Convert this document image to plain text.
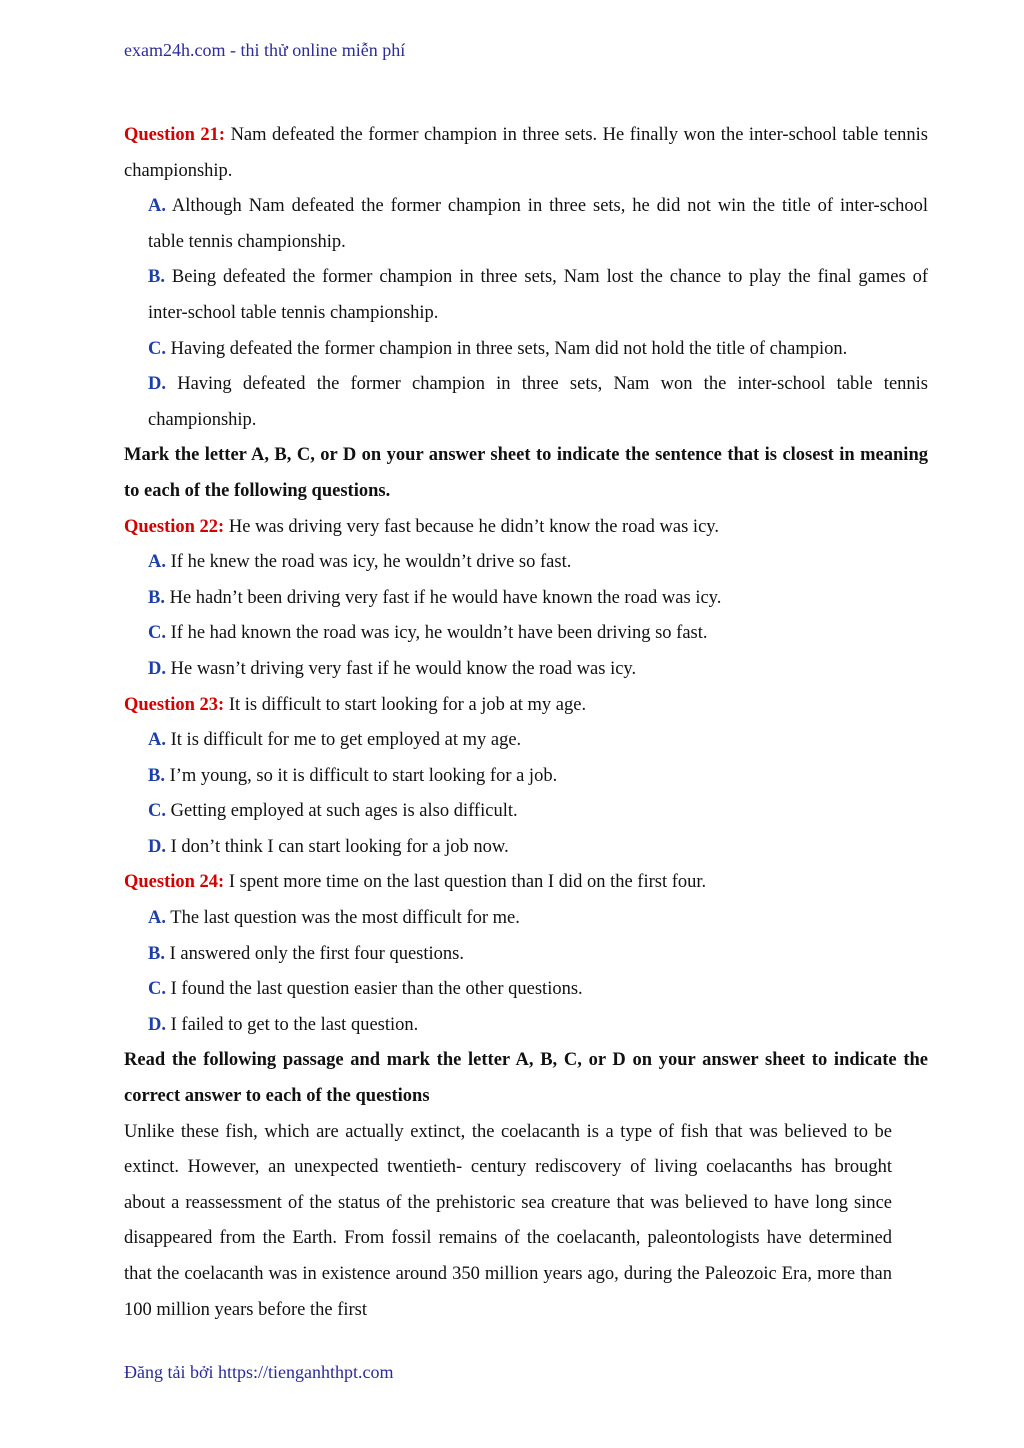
exam24h.com - thi thử online miễn phí

Question 21: Nam defeated the former champion in three sets. He finally won the inter-school table tennis championship.

A. Although Nam defeated the former champion in three sets, he did not win the title of inter-school table tennis championship.

B. Being defeated the former champion in three sets, Nam lost the chance to play the final games of inter-school table tennis championship.

C. Having defeated the former champion in three sets, Nam did not hold the title of champion.

D. Having defeated the former champion in three sets, Nam won the inter-school table tennis championship.

Mark the letter A, B, C, or D on your answer sheet to indicate the sentence that is closest in meaning to each of the following questions.

Question 22: He was driving very fast because he didn’t know the road was icy.

A. If he knew the road was icy, he wouldn’t drive so fast.

B. He hadn’t been driving very fast if he would have known the road was icy.

C. If he had known the road was icy, he wouldn’t have been driving so fast.

D. He wasn’t driving very fast if he would know the road was icy.

Question 23: It is difficult to start looking for a job at my age.

A. It is difficult for me to get employed at my age.

B. I’m young, so it is difficult to start looking for a job.

C. Getting employed at such ages is also difficult.

D. I don’t think I can start looking for a job now.

Question 24: I spent more time on the last question than I did on the first four.

A. The last question was the most difficult for me.

B. I answered only the first four questions.

C. I found the last question easier than the other questions.

D. I failed to get to the last question.

Read the following passage and mark the letter A, B, C, or D on your answer sheet to indicate the correct answer to each of the questions

Unlike these fish, which are actually extinct, the coelacanth is a type of fish that was believed to be extinct. However, an unexpected twentieth- century rediscovery of living coelacanths has brought about a reassessment of the status of the prehistoric sea creature that was believed to have long since disappeared from the Earth. From fossil remains of the coelacanth, paleontologists have determined that the coelacanth was in existence around 350 million years ago, during the Paleozoic Era, more than 100 million years before the first

Đăng tải bởi https://tienganhthpt.com
